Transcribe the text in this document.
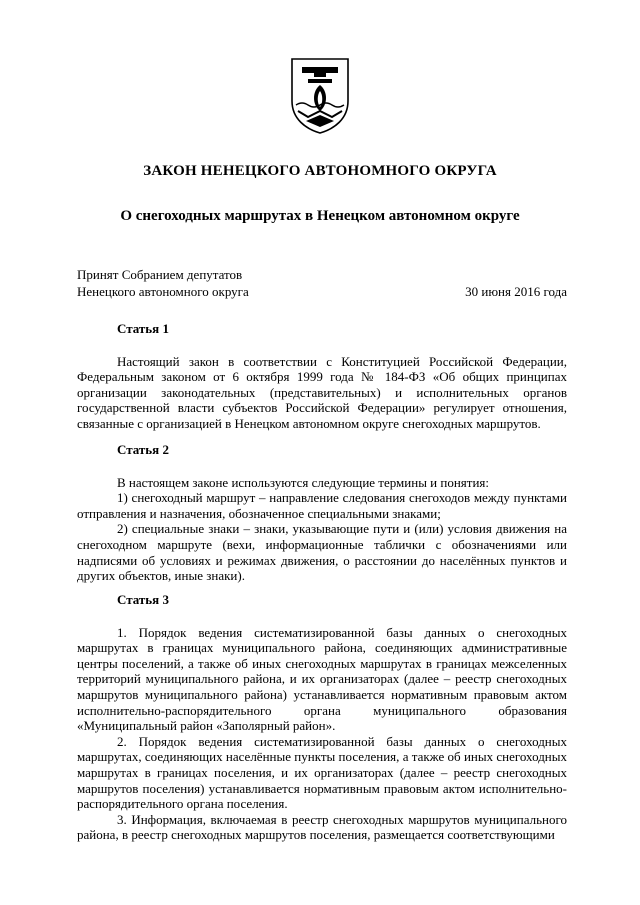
ЗАКОН НЕНЕЦКОГО АВТОНОМНОГО ОКРУГА
О снегоходных маршрутах в Ненецком автономном округе
Принят Собранием депутатов
Ненецкого автономного округа	30 июня 2016 года

Статья 1

Настоящий закон в соответствии с Конституцией Российской Федерации, Федеральным законом от 6 октября 1999 года № 184-ФЗ «Об общих принципах организации законодательных (представительных) и исполнительных органов государственной власти субъектов Российской Федерации» регулирует отношения, связанные с организацией в Ненецком автономном округе снегоходных маршрутов.

Статья 2

В настоящем законе используются следующие термины и понятия:

1) снегоходный маршрут – направление следования снегоходов между пунктами отправления и назначения, обозначенное специальными знаками;

2) специальные знаки – знаки, указывающие пути и (или) условия движения на снегоходном маршруте (вехи, информационные таблички с обозначениями или надписями об условиях и режимах движения, о расстоянии до населённых пунктов и других объектов, иные знаки).

Статья 3

1. Порядок ведения систематизированной базы данных о снегоходных маршрутах в границах муниципального района, соединяющих административные центры поселений, а также об иных снегоходных маршрутах в границах межселенных территорий муниципального района, и их организаторах (далее – реестр снегоходных маршрутов муниципального района) устанавливается нормативным правовым актом исполнительно-распорядительного органа муниципального образования «Муниципальный район «Заполярный район».

2. Порядок ведения систематизированной базы данных о снегоходных маршрутах, соединяющих населённые пункты поселения, а также об иных снегоходных маршрутах в границах поселения, и их организаторах (далее – реестр снегоходных маршрутов поселения) устанавливается нормативным правовым актом исполнительно-распорядительного органа поселения.

3. Информация, включаемая в реестр снегоходных маршрутов муниципального района, в реестр снегоходных маршрутов поселения, размещается соответствующими
